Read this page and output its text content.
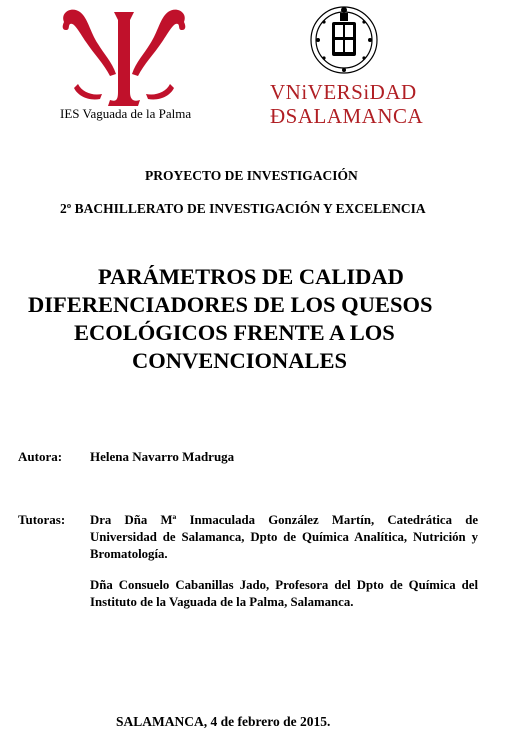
IES Vaguada de la Palma
VNiVERSiDAD
ÐSALAMANCA
PROYECTO DE INVESTIGACIÓN
2º BACHILLERATO DE INVESTIGACIÓN Y EXCELENCIA
PARÁMETROS DE CALIDAD
DIFERENCIADORES DE LOS QUESOS
ECOLÓGICOS FRENTE A LOS
CONVENCIONALES
Autora: Helena Navarro Madruga
Tutoras: Dra Dña Mª Inmaculada González Martín, Catedrática de Universidad de Salamanca, Dpto de Química Analítica, Nutrición y Bromatología.
Dña Consuelo Cabanillas Jado, Profesora del Dpto de Química del Instituto de la Vaguada de la Palma, Salamanca.
SALAMANCA, 4 de febrero de 2015.
